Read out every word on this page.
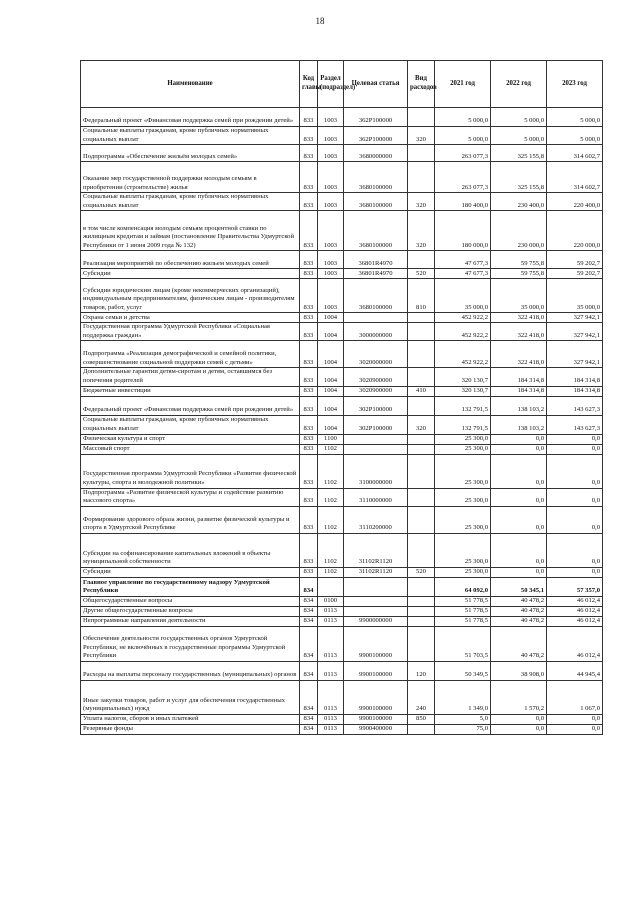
18
Наименование	Код главы	Раздел (подраздел)	Целевая статья	Вид расходов	2021 год	2022 год	2023 год
Федеральный проект «Финансовая поддержка семей при рождении детей»	833	1003	362P100000		5 000,0	5 000,0	5 000,0
Социальные выплаты гражданам, кроме публичных нормативных социальных выплат	833	1003	362P100000	320	5 000,0	5 000,0	5 000,0
Подпрограмма «Обеспечение жильём молодых семей»	833	1003	3680000000		263 077,3	325 155,8	314 602,7
Оказание мер государственной поддержки молодым семьям в приобретении (строительстве) жилья	833	1003	3680100000		263 077,3	325 155,8	314 602,7
Социальные выплаты гражданам, кроме публичных нормативных социальных выплат	833	1003	3680100000	320	180 400,0	230 400,0	220 400,0
в том числе компенсация молодым семьям процентной ставки по жилищным кредитам и займам (постановление Правительства Удмуртской Республики от 1 июня 2009 года № 132)	833	1003	3680100000	320	180 000,0	230 000,0	220 000,0
Реализация мероприятий по обеспечению жильем молодых семей	833	1003	36801R4970		47 677,3	59 755,8	59 202,7
Субсидии	833	1003	36801R4970	520	47 677,3	59 755,8	59 202,7
Субсидии юридическим лицам (кроме некоммерческих организаций), индивидуальным предпринимателям, физическим лицам - производителям товаров, работ, услуг	833	1003	3680100000	810	35 000,0	35 000,0	35 000,0
Охрана семьи и детства	833	1004			452 922,2	322 418,0	327 942,1
Государственная программа Удмуртской Республики «Социальная поддержка граждан»	833	1004	3000000000		452 922,2	322 418,0	327 942,1
Подпрограмма «Реализация демографической и семейной политики, совершенствование социальной поддержки семей с детьми»	833	1004	3020000000		452 922,2	322 418,0	327 942,1
Дополнительные гарантии детям-сиротам и детям, оставшимся без попечения родителей	833	1004	3020900000		320 130,7	184 314,8	184 314,8
Бюджетные инвестиции	833	1004	3020900000	410	320 130,7	184 314,8	184 314,8
Федеральный проект «Финансовая поддержка семей при рождении детей»	833	1004	302P100000		132 791,5	138 103,2	143 627,3
Социальные выплаты гражданам, кроме публичных нормативных социальных выплат	833	1004	302P100000	320	132 791,5	138 103,2	143 627,3
Физическая культура и спорт	833	1100			25 300,0	0,0	0,0
Массовый спорт	833	1102			25 300,0	0,0	0,0
Государственная программа Удмуртской Республики «Развитие физической культуры, спорта и молодежной политики»	833	1102	3100000000		25 300,0	0,0	0,0
Подпрограмма «Развитие физической культуры и содействие развитию массового спорта»	833	1102	3110000000		25 300,0	0,0	0,0
Формирование здорового образа жизни, развитие физической культуры и спорта в Удмуртской Республике	833	1102	3110200000		25 300,0	0,0	0,0
Субсидии на софинансирование капитальных вложений в объекты муниципальной собственности	833	1102	31102R1120		25 300,0	0,0	0,0
Субсидии	833	1102	31102R1120	520	25 300,0	0,0	0,0
Главное управление по государственному надзору Удмуртской Республики	834				64 092,0	50 345,1	57 357,0
Общегосударственные вопросы	834	0100			51 778,5	40 478,2	46 012,4
Другие общегосударственные вопросы	834	0113			51 778,5	40 478,2	46 012,4
Непрограммные направления деятельности	834	0113	9900000000		51 778,5	40 478,2	46 012,4
Обеспечение деятельности государственных органов Удмуртской Республики, не включённых в государственные программы Удмуртской Республики	834	0113	9900100000		51 703,5	40 478,2	46 012,4
Расходы на выплаты персоналу государственных (муниципальных) органов	834	0113	9900100000	120	50 349,5	38 908,0	44 945,4
Иные закупки товаров, работ и услуг для обеспечения государственных (муниципальных) нужд	834	0113	9900100000	240	1 349,0	1 570,2	1 067,0
Уплата налогов, сборов и иных платежей	834	0113	9900100000	850	5,0	0,0	0,0
Резервные фонды	834	0113	9900400000		75,0	0,0	0,0
